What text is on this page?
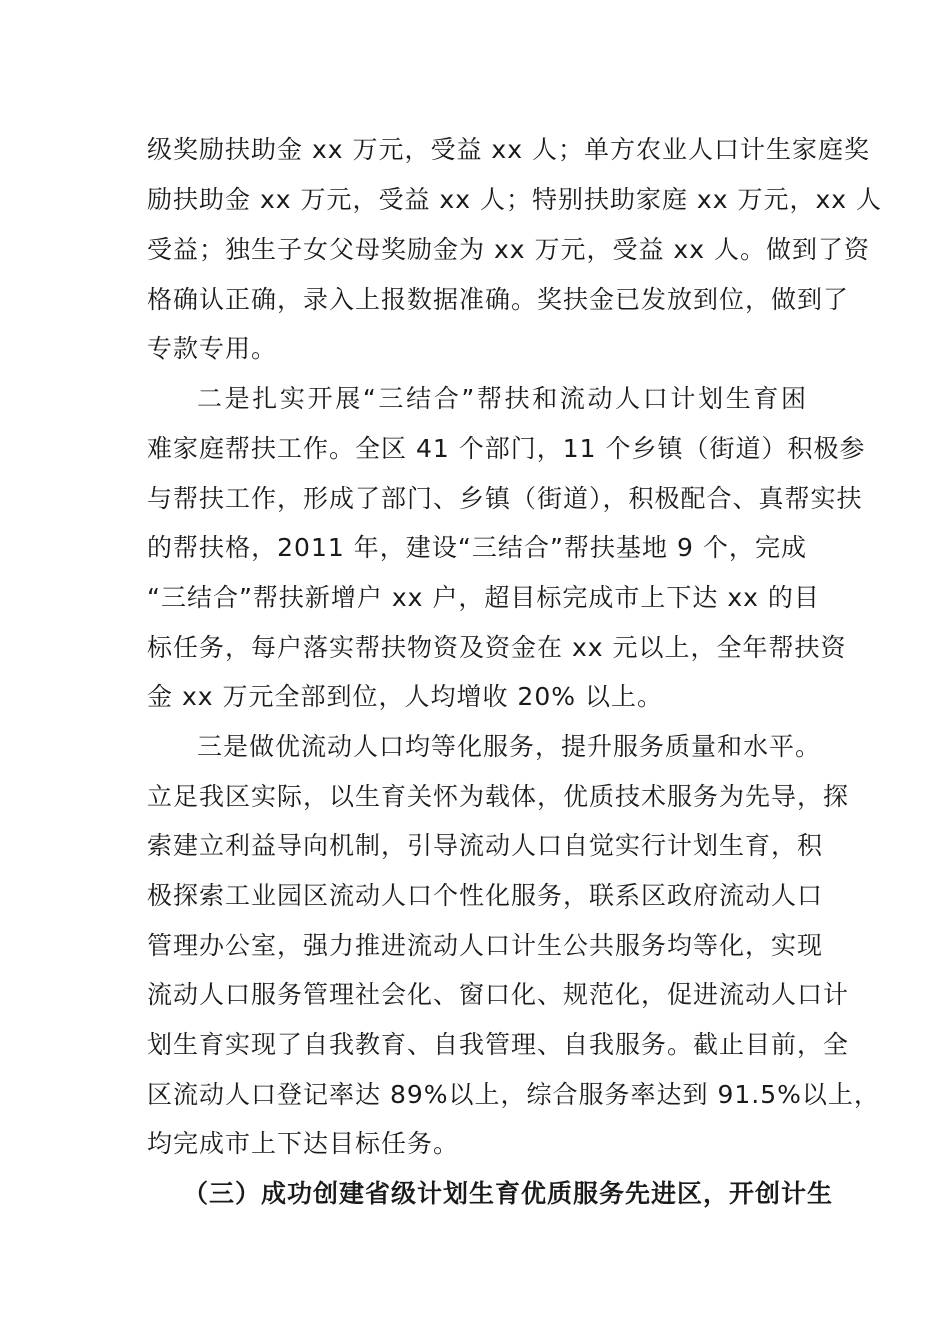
级奖励扶助金 xx 万元，受益 xx 人；单方农业人口计生家庭奖
励扶助金 xx 万元，受益 xx 人；特别扶助家庭 xx 万元，xx 人
受益；独生子女父母奖励金为 xx 万元，受益 xx 人。做到了资
格确认正确，录入上报数据准确。奖扶金已发放到位，做到了
专款专用。
二是扎实开展“三结合”帮扶和流动人口计划生育困
难家庭帮扶工作。全区 41 个部门，11 个乡镇（街道）积极参
与帮扶工作，形成了部门、乡镇（街道），积极配合、真帮实扶
的帮扶格，2011 年，建设“三结合”帮扶基地 9 个，完成
“三结合”帮扶新增户 xx 户，超目标完成市上下达 xx 的目
标任务，每户落实帮扶物资及资金在 xx 元以上，全年帮扶资
金 xx 万元全部到位，人均增收 20% 以上。
三是做优流动人口均等化服务，提升服务质量和水平。
立足我区实际，以生育关怀为载体，优质技术服务为先导，探
索建立利益导向机制，引导流动人口自觉实行计划生育，积
极探索工业园区流动人口个性化服务，联系区政府流动人口
管理办公室，强力推进流动人口计生公共服务均等化，实现
流动人口服务管理社会化、窗口化、规范化，促进流动人口计
划生育实现了自我教育、自我管理、自我服务。截止目前，全
区流动人口登记率达 89%以上，综合服务率达到 91.5%以上，
均完成市上下达目标任务。
（三）成功创建省级计划生育优质服务先进区，开创计生
